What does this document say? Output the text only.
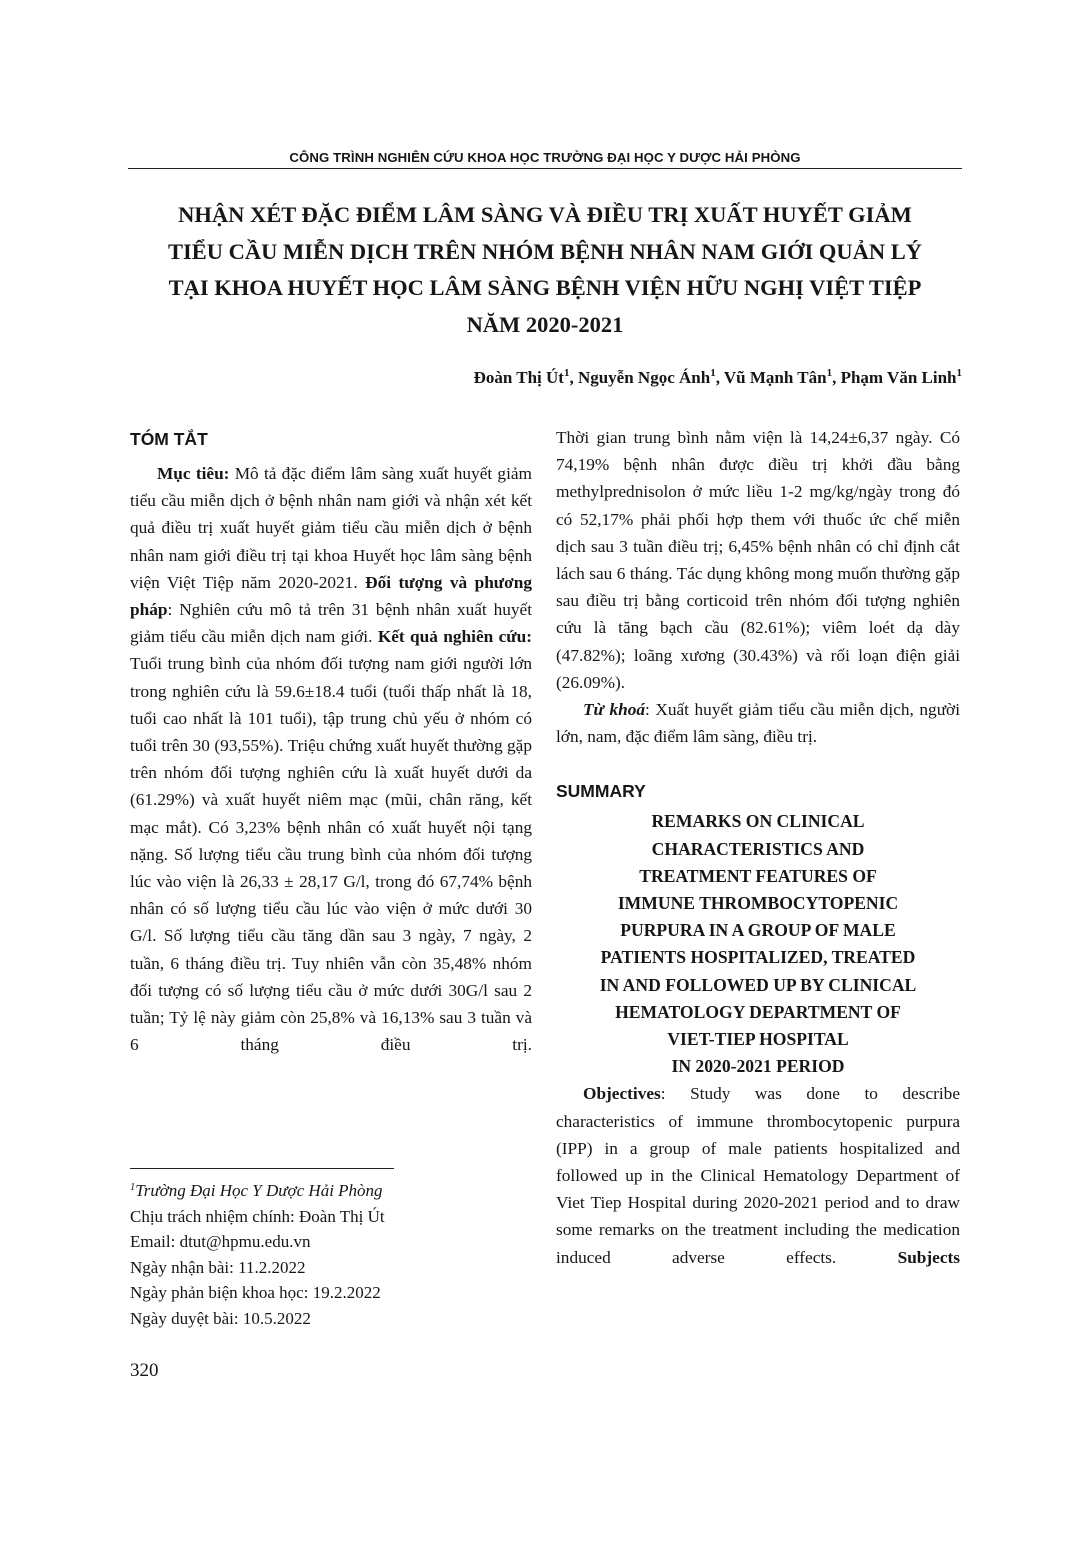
CÔNG TRÌNH NGHIÊN CỨU KHOA HỌC TRƯỜNG ĐẠI HỌC Y DƯỢC HẢI PHÒNG
NHẬN XÉT ĐẶC ĐIỂM LÂM SÀNG VÀ ĐIỀU TRỊ XUẤT HUYẾT GIẢM
TIỂU CẦU MIỄN DỊCH TRÊN NHÓM BỆNH NHÂN NAM GIỚI QUẢN LÝ
TẠI KHOA HUYẾT HỌC LÂM SÀNG BỆNH VIỆN HỮU NGHỊ VIỆT TIỆP
NĂM 2020-2021
Đoàn Thị $Út^1$, Nguyễn Ngọc Ánh$^1$, Vũ Mạnh Tân$^1$, Phạm Văn Linh$^1$
TÓM TẮT

Mục tiêu: Mô tả đặc điểm lâm sàng xuất huyết giảm tiểu cầu miễn dịch ở bệnh nhân nam giới và nhận xét kết quả điều trị xuất huyết giảm tiểu cầu miễn dịch ở bệnh nhân nam giới điều trị tại khoa Huyết học lâm sàng bệnh viện Việt Tiệp năm 2020-2021. Đối tượng và phương pháp: Nghiên cứu mô tả trên 31 bệnh nhân xuất huyết giảm tiểu cầu miễn dịch nam giới. Kết quả nghiên cứu: Tuổi trung bình của nhóm đối tượng nam giới người lớn trong nghiên cứu là 59.6±18.4 tuổi (tuổi thấp nhất là 18, tuổi cao nhất là 101 tuổi), tập trung chủ yếu ở nhóm có tuổi trên 30 (93,55%). Triệu chứng xuất huyết thường gặp trên nhóm đối tượng nghiên cứu là xuất huyết dưới da (61.29%) và xuất huyết niêm mạc (mũi, chân răng, kết mạc mắt). Có 3,23% bệnh nhân có xuất huyết nội tạng nặng. Số lượng tiểu cầu trung bình của nhóm đối tượng lúc vào viện là 26,33 ± 28,17 G/l, trong đó 67,74% bệnh nhân có số lượng tiểu cầu lúc vào viện ở mức dưới 30 G/l. Số lượng tiểu cầu tăng dần sau 3 ngày, 7 ngày, 2 tuần, 6 tháng điều trị. Tuy nhiên vẫn còn 35,48% nhóm đối tượng có số lượng tiểu cầu ở mức dưới 30G/l sau 2 tuần; Tỷ lệ này giảm còn 25,8% và 16,13% sau 3 tuần và 6 tháng điều trị.

$^1$Trường Đại Học Y Dược Hải Phòng
Chịu trách nhiệm chính: Đoàn Thị Út
Email: dtut@hpmu.edu.vn
Ngày nhận bài: 11.2.2022
Ngày phản biện khoa học: 19.2.2022
Ngày duyệt bài: 10.5.2022
320

Thời gian trung bình nằm viện là 14,24±6,37 ngày. Có 74,19% bệnh nhân được điều trị khởi đầu bằng methylprednisolon ở mức liều 1-2 mg/kg/ngày trong đó có 52,17% phải phối hợp them với thuốc ức chế miễn dịch sau 3 tuần điều trị; 6,45% bệnh nhân có chỉ định cắt lách sau 6 tháng. Tác dụng không mong muốn thường gặp sau điều trị bằng corticoid trên nhóm đối tượng nghiên cứu là tăng bạch cầu (82.61%); viêm loét dạ dày (47.82%); loãng xương (30.43%) và rối loạn điện giải (26.09%).

Từ khoá: Xuất huyết giảm tiểu cầu miễn dịch, người lớn, nam, đặc điểm lâm sàng, điều trị.

SUMMARY

REMARKS ON CLINICAL

CHARACTERISTICS AND

TREATMENT FEATURES OF

IMMUNE THROMBOCYTOPENIC

PURPURA IN A GROUP OF MALE

PATIENTS HOSPITALIZED, TREATED

IN AND FOLLOWED UP BY CLINICAL

HEMATOLOGY DEPARTMENT OF

VIET-TIEP HOSPITAL

IN 2020-2021 PERIOD

Objectives: Study was done to describe characteristics of immune thrombocytopenic purpura (IPP) in a group of male patients hospitalized and followed up in the Clinical Hematology Department of Viet Tiep Hospital during 2020-2021 period and to draw some remarks on the treatment including the medication induced adverse effects. Subjects
